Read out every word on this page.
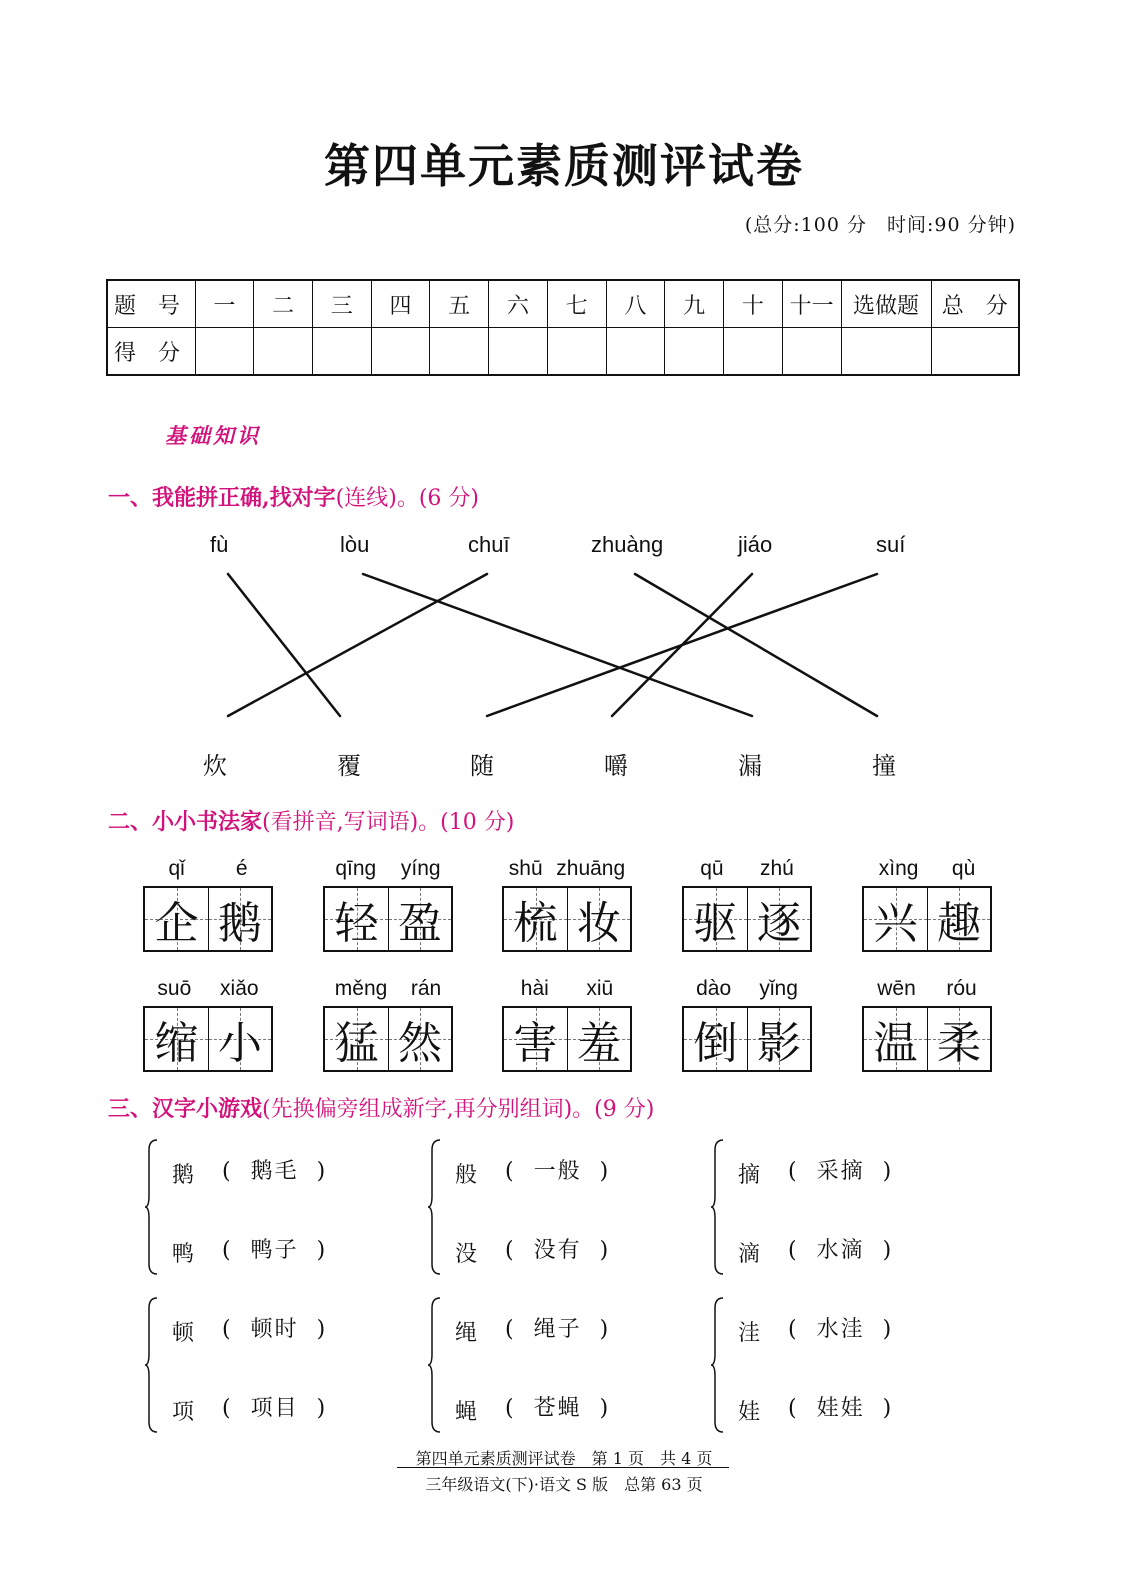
第四单元素质测评试卷
(总分:100 分　时间:90 分钟)
题　号	一	二	三	四	五	六	七	八	九	十	十一	选做题	总　分
得　分													
基础知识
一、我能拼正确,找对字(连线)。(6 分)
fù	lòu	chuī	zhuàng	jiáo	suí
炊	覆	随	嚼	漏	撞
二、小小书法家(看拼音,写词语)。(10 分)
qǐ é
企 鹅
qīng yíng
轻 盈
shū zhuāng
梳 妆
qū zhú
驱 逐
xìng qù
兴 趣
suō xiǎo
缩 小
měng rán
猛 然
hài xiū
害 羞
dào yǐng
倒 影
wēn róu
温 柔
三、汉字小游戏(先换偏旁组成新字,再分别组词)。(9 分)
鹅 (  鹅毛  )
鸭 (  鸭子  )
般 (  一般  )
没 (  没有  )
摘 (  采摘  )
滴 (  水滴  )
顿 (  顿时  )
项 (  项目  )
绳 (  绳子  )
蝇 (  苍蝇  )
洼 (  水洼  )
娃 (  娃娃  )
第四单元素质测评试卷　第 1 页　共 4 页
三年级语文(下)·语文 S 版　总第 63 页
